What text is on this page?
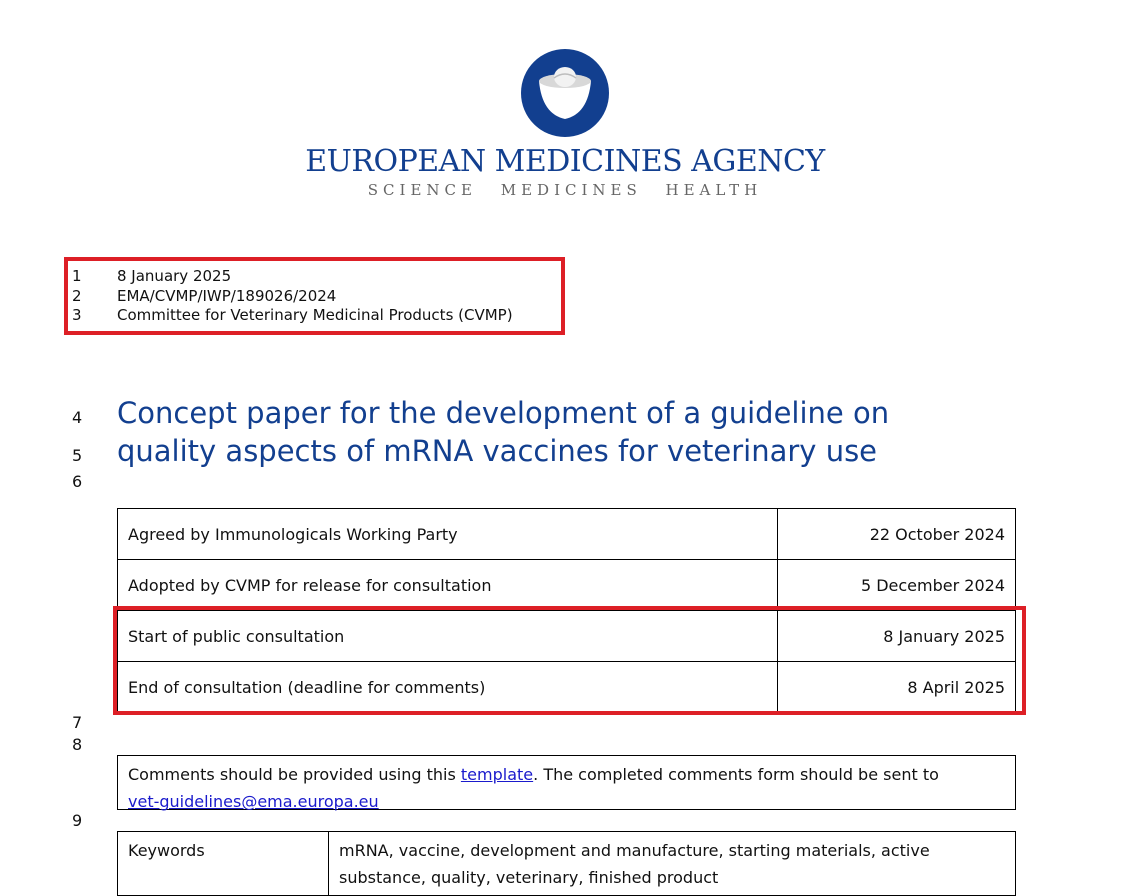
EUROPEAN MEDICINES AGENCY
SCIENCE MEDICINES HEALTH
1 8 January 2025
2 EMA/CVMP/IWP/189026/2024
3 Committee for Veterinary Medicinal Products (CVMP)
4
5
Concept paper for the development of a guideline on
quality aspects of mRNA vaccines for veterinary use
6
Agreed by Immunologicals Working Party	22 October 2024
Adopted by CVMP for release for consultation	5 December 2024
Start of public consultation	8 January 2025
End of consultation (deadline for comments)	8 April 2025
7
8
Comments should be provided using this template. The completed comments form should be sent to
vet-guidelines@ema.europa.eu
9
Keywords	mRNA, vaccine, development and manufacture, starting materials, active substance, quality, veterinary, finished product
